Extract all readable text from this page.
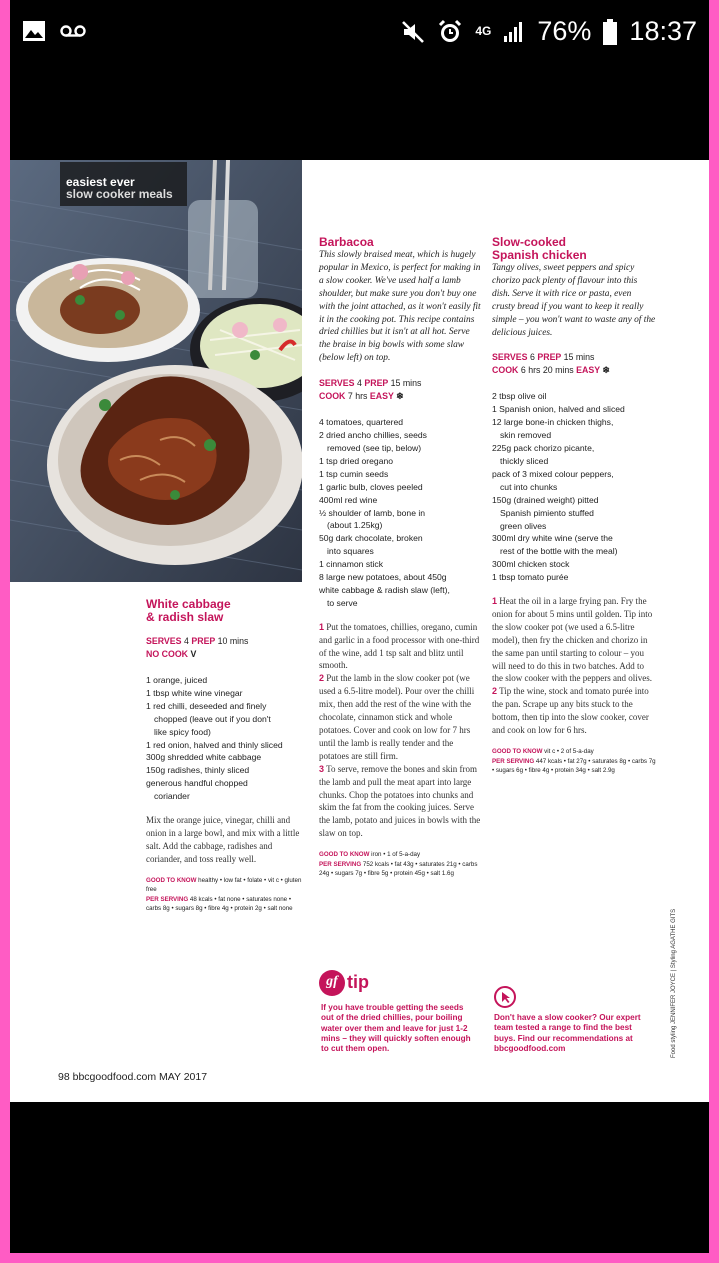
4G 76% 18:37
easiest ever
slow cooker meals
White cabbage
& radish slaw
SERVES 4 PREP 10 mins
NO COOK V
1 orange, juiced
1 tbsp white wine vinegar
1 red chilli, deseeded and finely
chopped (leave out if you don't
like spicy food)
1 red onion, halved and thinly sliced
300g shredded white cabbage
150g radishes, thinly sliced
generous handful chopped
coriander
Mix the orange juice, vinegar, chilli and onion in a large bowl, and mix with a little salt. Add the cabbage, radishes and coriander, and toss really well.
GOOD TO KNOW healthy • low fat • folate • vit c • gluten free
PER SERVING 48 kcals • fat none • saturates none • carbs 8g • sugars 8g • fibre 4g • protein 2g • salt none
Barbacoa
This slowly braised meat, which is hugely popular in Mexico, is perfect for making in a slow cooker. We've used half a lamb shoulder, but make sure you don't buy one with the joint attached, as it won't easily fit it in the cooking pot. This recipe contains dried chillies but it isn't at all hot. Serve the braise in big bowls with some slaw (below left) on top.
SERVES 4 PREP 15 mins
COOK 7 hrs EASY ❄
4 tomatoes, quartered
2 dried ancho chillies, seeds
removed (see tip, below)
1 tsp dried oregano
1 tsp cumin seeds
1 garlic bulb, cloves peeled
400ml red wine
½ shoulder of lamb, bone in
(about 1.25kg)
50g dark chocolate, broken
into squares
1 cinnamon stick
8 large new potatoes, about 450g
white cabbage & radish slaw (left),
to serve
1 Put the tomatoes, chillies, oregano, cumin and garlic in a food processor with one-third of the wine, add 1 tsp salt and blitz until smooth.
2 Put the lamb in the slow cooker pot (we used a 6.5-litre model). Pour over the chilli mix, then add the rest of the wine with the chocolate, cinnamon stick and whole potatoes. Cover and cook on low for 7 hrs until the lamb is really tender and the potatoes are still firm.
3 To serve, remove the bones and skin from the lamb and pull the meat apart into large chunks. Chop the potatoes into chunks and skim the fat from the cooking juices. Serve the lamb, potato and juices in bowls with the slaw on top.
GOOD TO KNOW iron • 1 of 5-a-day
PER SERVING 752 kcals • fat 43g • saturates 21g • carbs 24g • sugars 7g • fibre 5g • protein 45g • salt 1.6g
Slow-cooked
Spanish chicken
Tangy olives, sweet peppers and spicy chorizo pack plenty of flavour into this dish. Serve it with rice or pasta, even crusty bread if you want to keep it really simple – you won't want to waste any of the delicious juices.
SERVES 6 PREP 15 mins
COOK 6 hrs 20 mins EASY ❄
2 tbsp olive oil
1 Spanish onion, halved and sliced
12 large bone-in chicken thighs,
skin removed
225g pack chorizo picante,
thickly sliced
pack of 3 mixed colour peppers,
cut into chunks
150g (drained weight) pitted
Spanish pimiento stuffed
green olives
300ml dry white wine (serve the
rest of the bottle with the meal)
300ml chicken stock
1 tbsp tomato purée
1 Heat the oil in a large frying pan. Fry the onion for about 5 mins until golden. Tip into the slow cooker pot (we used a 6.5-litre model), then fry the chicken and chorizo in the same pan until starting to colour – you will need to do this in two batches. Add to the slow cooker with the peppers and olives.
2 Tip the wine, stock and tomato purée into the pan. Scrape up any bits stuck to the bottom, then tip into the slow cooker, cover and cook on low for 6 hrs.
GOOD TO KNOW vit c • 2 of 5-a-day
PER SERVING 447 kcals • fat 27g • saturates 8g • carbs 7g • sugars 6g • fibre 4g • protein 34g • salt 2.9g
gf tip
If you have trouble getting the seeds out of the dried chillies, pour boiling water over them and leave for just 1-2 mins – they will quickly soften enough to cut them open.
Don't have a slow cooker? Our expert team tested a range to find the best buys. Find our recommendations at bbcgoodfood.com
98 bbcgoodfood.com MAY 2017
Food styling JENNIFER JOYCE | Styling AGATHE GITS
